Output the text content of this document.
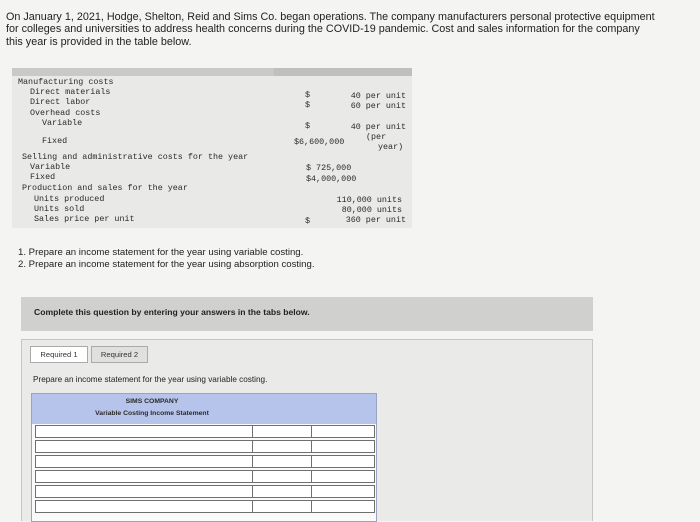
On January 1, 2021, Hodge, Shelton, Reid and Sims Co. began operations. The company manufacturers personal protective equipment
for colleges and universities to address health concerns during the COVID-19 pandemic. Cost and sales information for the company
this year is provided in the table below.
Manufacturing costs
Direct materials	$	40 per unit
Direct labor	$	60 per unit
Overhead costs
Variable	$	40 per unit
Fixed	$6,600,000	(per
year)
Selling and administrative costs for the year
Variable	$ 725,000
Fixed	$4,000,000
Production and sales for the year
Units produced	110,000 units
Units sold	80,000 units
Sales price per unit	$	360 per unit
1. Prepare an income statement for the year using variable costing.
2. Prepare an income statement for the year using absorption costing.
Complete this question by entering your answers in the tabs below.
Required 1	Required 2
Prepare an income statement for the year using variable costing.
SIMS COMPANY
Variable Costing Income Statement
